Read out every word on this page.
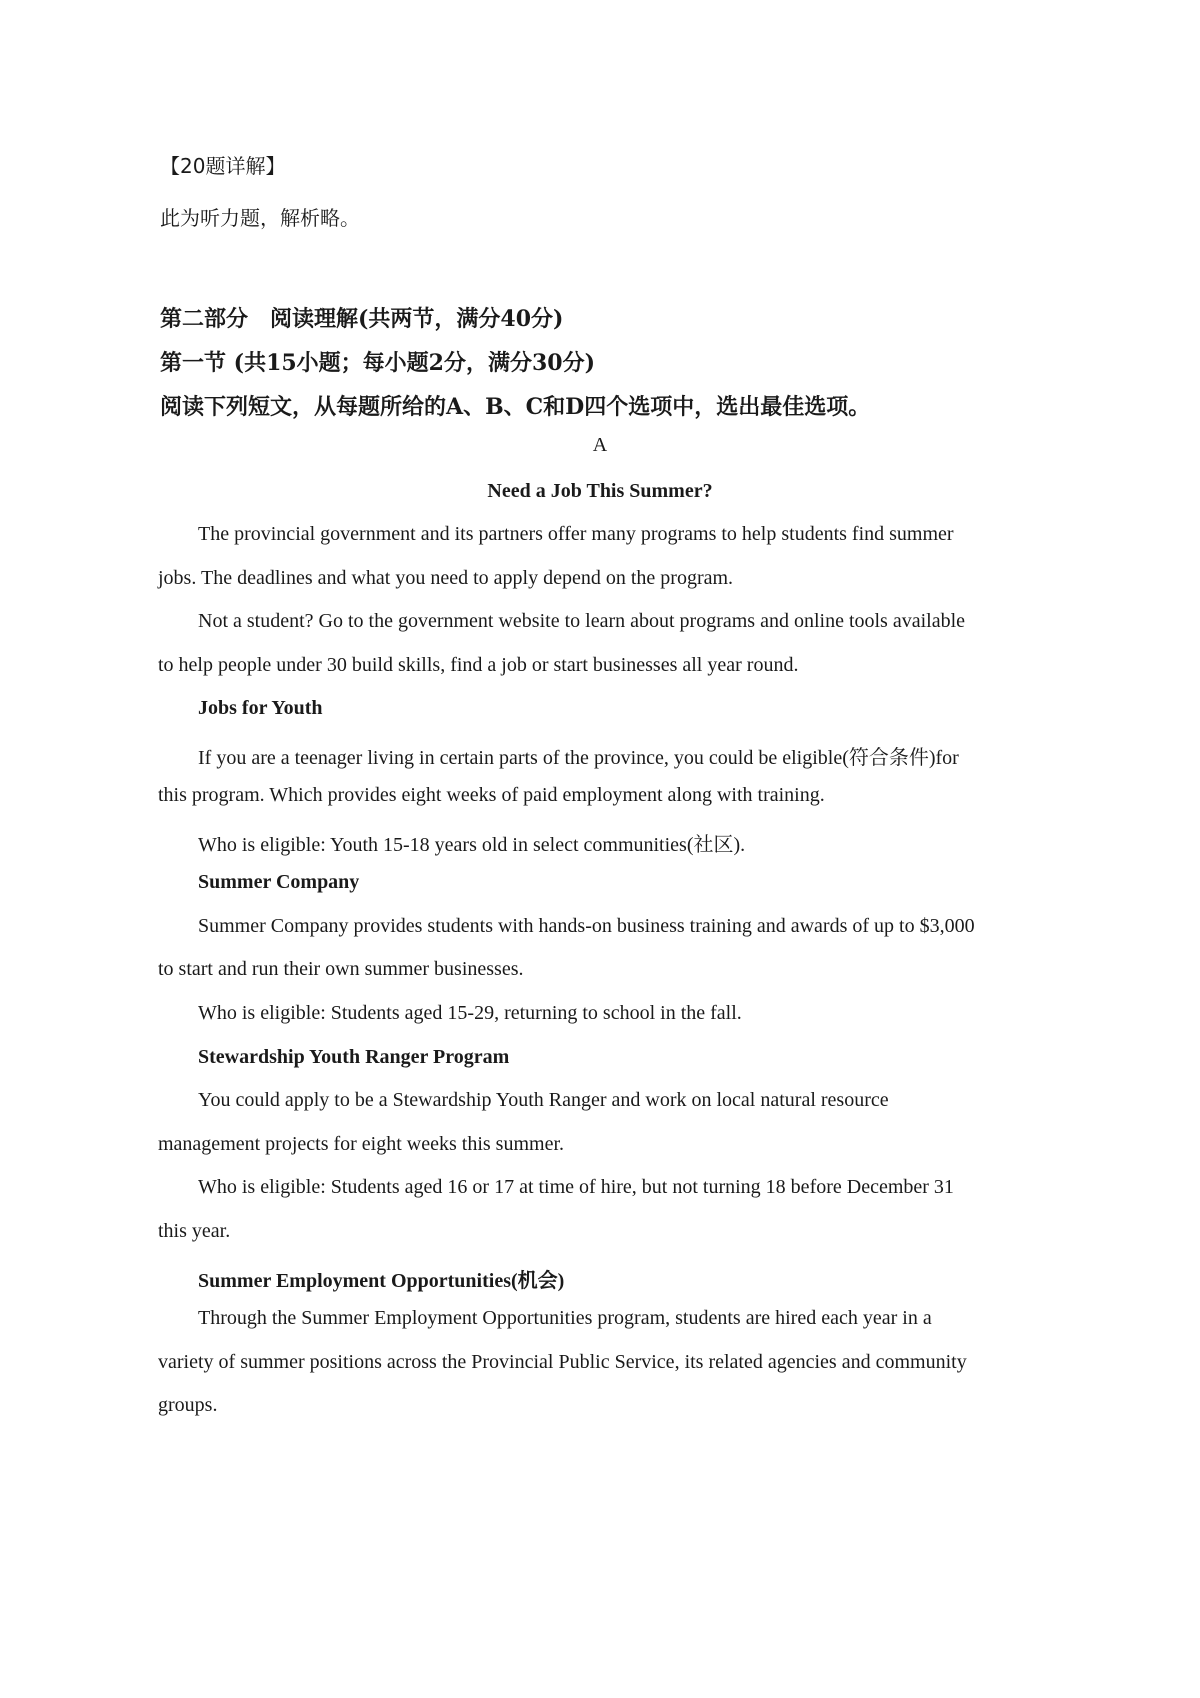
【20题详解】
此为听力题，解析略。
第二部分　阅读理解(共两节，满分40分)
第一节 (共15小题；每小题2分，满分30分)
阅读下列短文，从每题所给的A、B、C和D四个选项中，选出最佳选项。
A
Need a Job This Summer?
The provincial government and its partners offer many programs to help students find summer
jobs. The deadlines and what you need to apply depend on the program.
Not a student? Go to the government website to learn about programs and online tools available
to help people under 30 build skills, find a job or start businesses all year round.
Jobs for Youth
If you are a teenager living in certain parts of the province, you could be eligible(符合条件)for
this program. Which provides eight weeks of paid employment along with training.
Who is eligible: Youth 15-18 years old in select communities(社区).
Summer Company
Summer Company provides students with hands-on business training and awards of up to $3,000
to start and run their own summer businesses.
Who is eligible: Students aged 15-29, returning to school in the fall.
Stewardship Youth Ranger Program
You could apply to be a Stewardship Youth Ranger and work on local natural resource
management projects for eight weeks this summer.
Who is eligible: Students aged 16 or 17 at time of hire, but not turning 18 before December 31
this year.
Summer Employment Opportunities(机会)
Through the Summer Employment Opportunities program, students are hired each year in a
variety of summer positions across the Provincial Public Service, its related agencies and community
groups.
